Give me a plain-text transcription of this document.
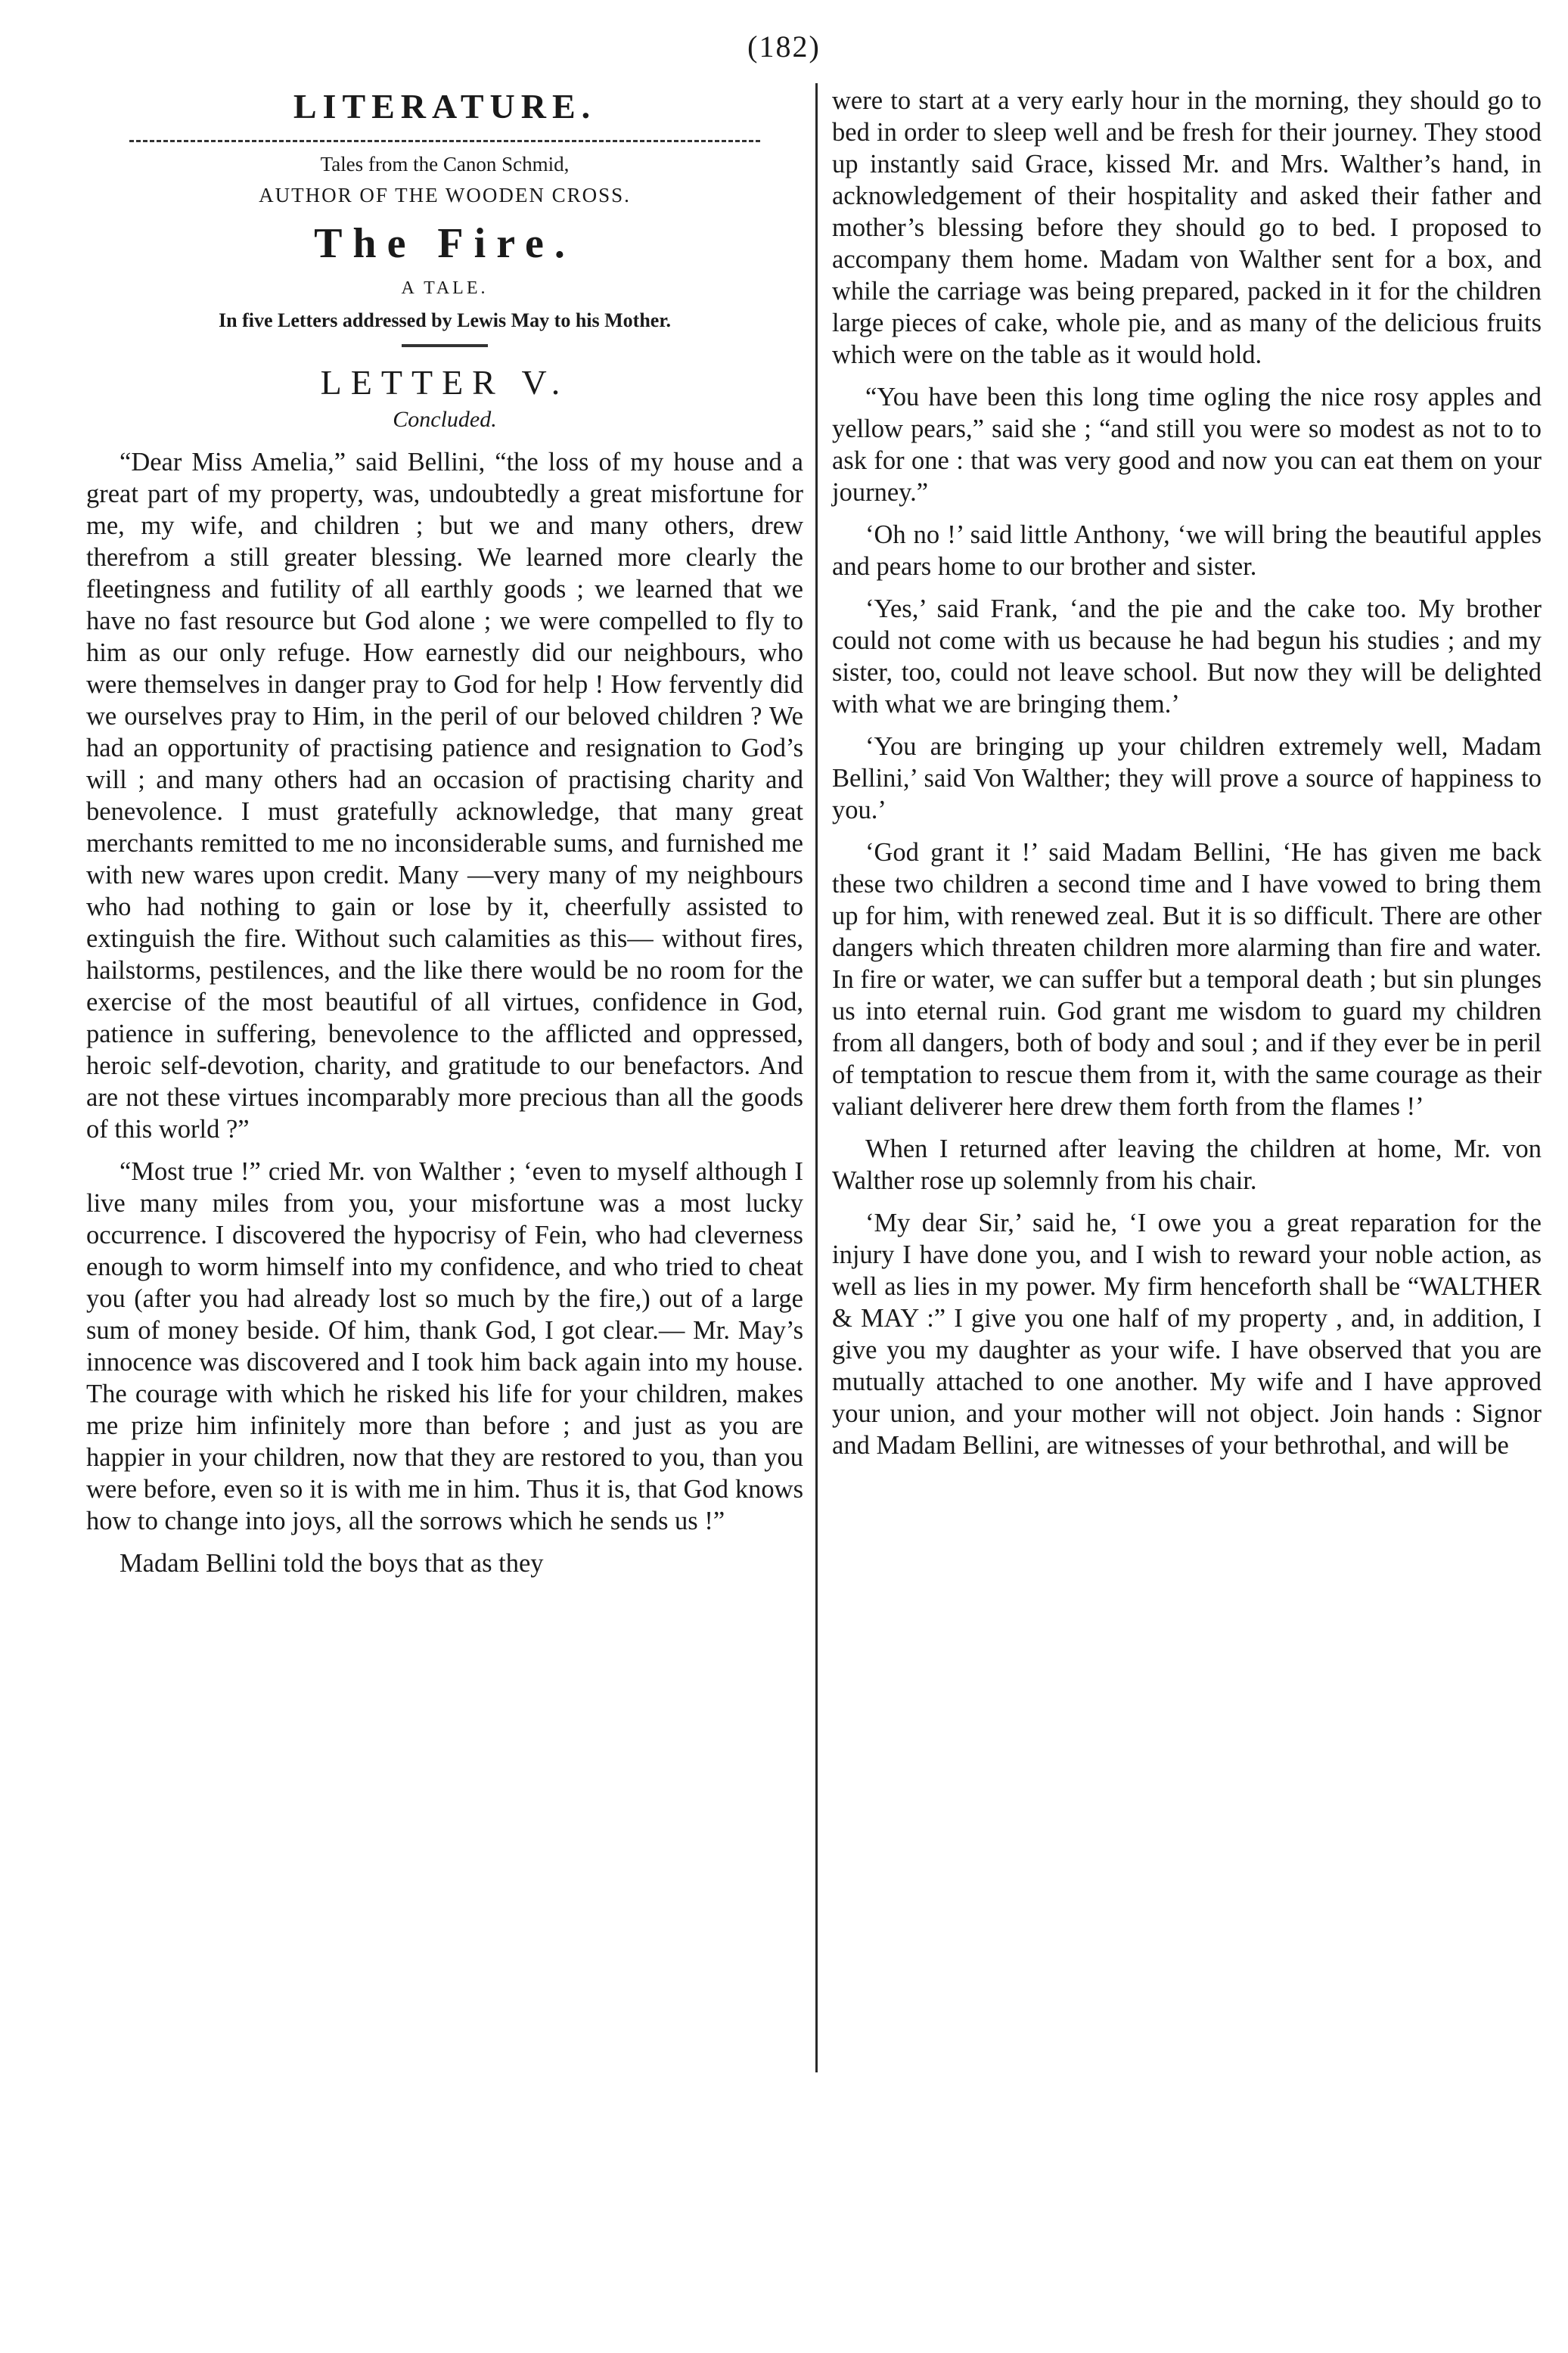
(182)
LITERATURE.
Tales from the Canon Schmid,
AUTHOR OF THE WOODEN CROSS.
The Fire.
A TALE.
In five Letters addressed by Lewis May to his Mother.
LETTER V.
Concluded.

“Dear Miss Amelia,” said Bellini, “the loss of my house and a great part of my property, was, undoubtedly a great misfortune for me, my wife, and children ; but we and many others, drew therefrom a still greater blessing. We learned more clearly the fleetingness and futility of all earthly goods ; we learned that we have no fast resource but God alone ; we were compelled to fly to him as our only refuge. How earnestly did our neighbours, who were themselves in danger pray to God for help ! How fervently did we ourselves pray to Him, in the peril of our beloved children ? We had an opportunity of practising patience and resignation to God’s will ; and many others had an occasion of practising charity and benevolence. I must gratefully acknowledge, that many great merchants remitted to me no inconsiderable sums, and furnished me with new wares upon credit. Many —very many of my neighbours who had nothing to gain or lose by it, cheerfully assisted to extinguish the fire. Without such calamities as this— without fires, hailstorms, pestilences, and the like there would be no room for the exercise of the most beautiful of all virtues, confidence in God, patience in suffering, benevolence to the afflicted and oppressed, heroic self-devotion, charity, and gratitude to our benefactors. And are not these virtues incomparably more precious than all the goods of this world ?”

“Most true !” cried Mr. von Walther ; ‘even to myself although I live many miles from you, your misfortune was a most lucky occurrence. I discovered the hypocrisy of Fein, who had cleverness enough to worm himself into my confidence, and who tried to cheat you (after you had already lost so much by the fire,) out of a large sum of money beside. Of him, thank God, I got clear.— Mr. May’s innocence was discovered and I took him back again into my house. The courage with which he risked his life for your children, makes me prize him infinitely more than before ; and just as you are happier in your children, now that they are restored to you, than you were before, even so it is with me in him. Thus it is, that God knows how to change into joys, all the sorrows which he sends us !”

Madam Bellini told the boys that as they

were to start at a very early hour in the morning, they should go to bed in order to sleep well and be fresh for their journey. They stood up instantly said Grace, kissed Mr. and Mrs. Walther’s hand, in acknowledgement of their hospitality and asked their father and mother’s blessing before they should go to bed. I proposed to accompany them home. Madam von Walther sent for a box, and while the carriage was being prepared, packed in it for the children large pieces of cake, whole pie, and as many of the delicious fruits which were on the table as it would hold.

“You have been this long time ogling the nice rosy apples and yellow pears,” said she ; “and still you were so modest as not to to ask for one : that was very good and now you can eat them on your journey.”

‘Oh no !’ said little Anthony, ‘we will bring the beautiful apples and pears home to our brother and sister.

‘Yes,’ said Frank, ‘and the pie and the cake too. My brother could not come with us because he had begun his studies ; and my sister, too, could not leave school. But now they will be delighted with what we are bringing them.’

‘You are bringing up your children extremely well, Madam Bellini,’ said Von Walther; they will prove a source of happiness to you.’

‘God grant it !’ said Madam Bellini, ‘He has given me back these two children a second time and I have vowed to bring them up for him, with renewed zeal. But it is so difficult. There are other dangers which threaten children more alarming than fire and water. In fire or water, we can suffer but a temporal death ; but sin plunges us into eternal ruin. God grant me wisdom to guard my children from all dangers, both of body and soul ; and if they ever be in peril of temptation to rescue them from it, with the same courage as their valiant deliverer here drew them forth from the flames !’

When I returned after leaving the children at home, Mr. von Walther rose up solemnly from his chair.

‘My dear Sir,’ said he, ‘I owe you a great reparation for the injury I have done you, and I wish to reward your noble action, as well as lies in my power. My firm henceforth shall be “WALTHER & MAY :” I give you one half of my property , and, in addition, I give you my daughter as your wife. I have observed that you are mutually attached to one another. My wife and I have approved your union, and your mother will not object. Join hands : Signor and Madam Bellini, are witnesses of your bethrothal, and will be
